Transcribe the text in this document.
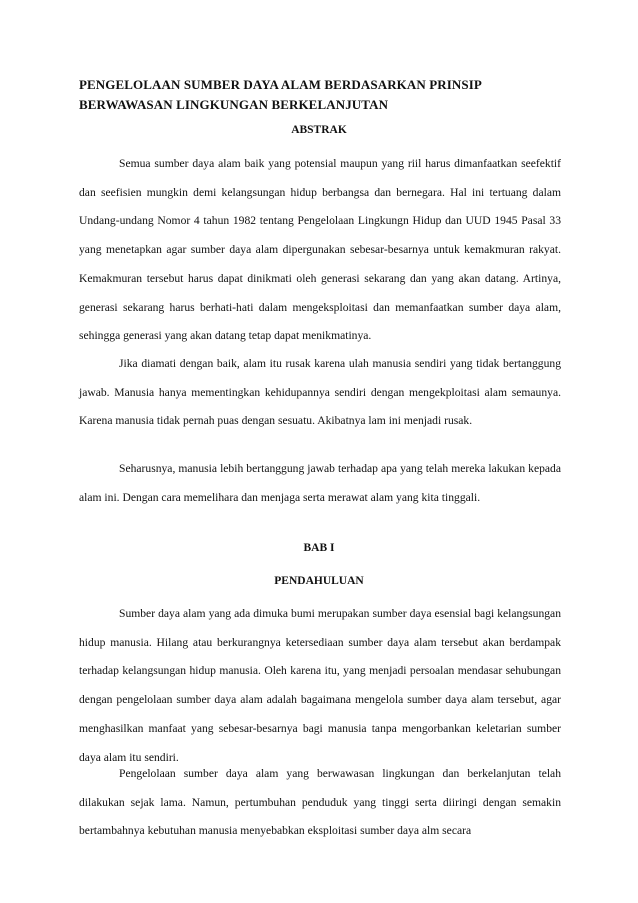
PENGELOLAAN SUMBER DAYA ALAM BERDASARKAN PRINSIP
BERWAWASAN LINGKUNGAN BERKELANJUTAN
ABSTRAK

Semua sumber daya alam baik yang potensial maupun yang riil harus dimanfaatkan seefektif dan seefisien mungkin demi kelangsungan hidup berbangsa dan bernegara. Hal ini tertuang dalam Undang-undang Nomor 4 tahun 1982 tentang Pengelolaan Lingkungn Hidup dan UUD 1945 Pasal 33 yang menetapkan agar sumber daya alam dipergunakan sebesar-besarnya untuk kemakmuran rakyat. Kemakmuran tersebut harus dapat dinikmati oleh generasi sekarang dan yang akan datang. Artinya, generasi sekarang harus berhati-hati dalam mengeksploitasi dan memanfaatkan sumber daya alam, sehingga generasi yang akan datang tetap dapat menikmatinya.

Jika diamati dengan baik, alam itu rusak karena ulah manusia sendiri yang tidak bertanggung jawab. Manusia hanya mementingkan kehidupannya sendiri dengan mengekploitasi alam semaunya. Karena manusia tidak pernah puas dengan sesuatu. Akibatnya lam ini menjadi rusak.

Seharusnya, manusia lebih bertanggung jawab terhadap apa yang telah mereka lakukan kepada alam ini. Dengan cara memelihara dan menjaga serta merawat alam yang kita tinggali.

BAB I
PENDAHULUAN

Sumber daya alam yang ada dimuka bumi merupakan sumber daya esensial bagi kelangsungan hidup manusia. Hilang atau berkurangnya ketersediaan sumber daya alam tersebut akan berdampak terhadap kelangsungan hidup manusia. Oleh karena itu, yang menjadi persoalan mendasar sehubungan dengan pengelolaan sumber daya alam adalah bagaimana mengelola sumber daya alam tersebut, agar menghasilkan manfaat yang sebesar-besarnya bagi manusia tanpa mengorbankan keletarian sumber daya alam itu sendiri.

Pengelolaan sumber daya alam yang berwawasan lingkungan dan berkelanjutan telah dilakukan sejak lama. Namun, pertumbuhan penduduk yang tinggi serta diiringi dengan semakin bertambahnya kebutuhan manusia menyebabkan eksploitasi sumber daya alm secara
